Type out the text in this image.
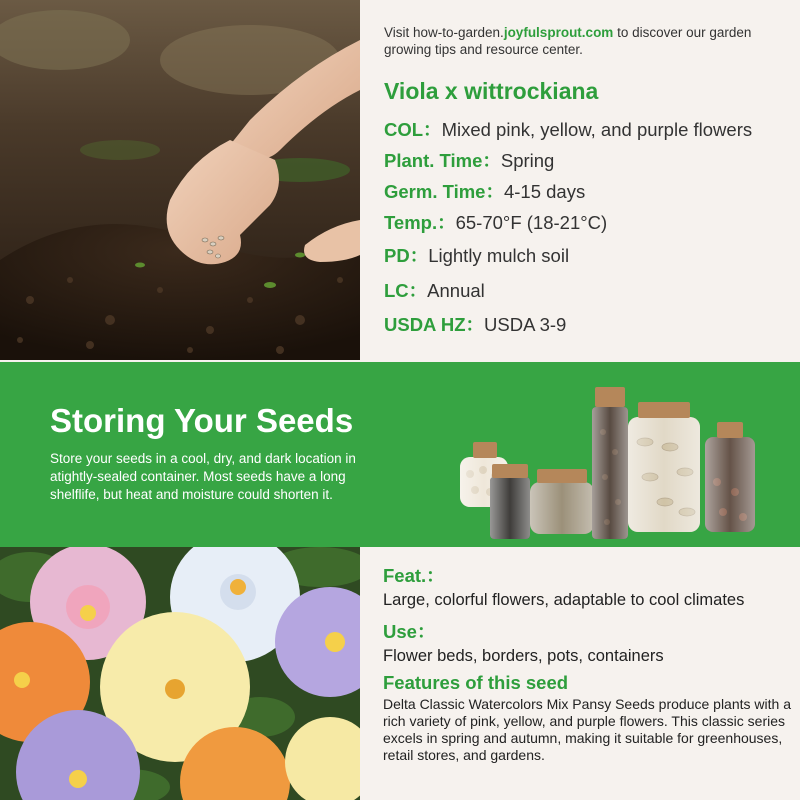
Visit how-to-garden.joyfulsprout.com to discover our garden growing tips and resource center.
Viola x wittrockiana
COL：Mixed pink, yellow, and purple flowers
Plant. Time：Spring
Germ. Time：4-15 days
Temp.：65-70°F (18-21°C)
PD：Lightly mulch soil
LC：Annual
USDA HZ：USDA 3-9
Storing Your Seeds
Store your seeds in a cool, dry, and dark location in atightly-sealed container. Most seeds have a long shelflife, but heat and moisture could shorten it.
Feat.：
Large, colorful flowers, adaptable to cool climates
Use：
Flower beds, borders, pots, containers
Features of this seed
Delta Classic Watercolors Mix Pansy Seeds produce plants with a rich variety of pink, yellow, and purple flowers. This classic series excels in spring and autumn, making it suitable for greenhouses, retail stores, and gardens.
